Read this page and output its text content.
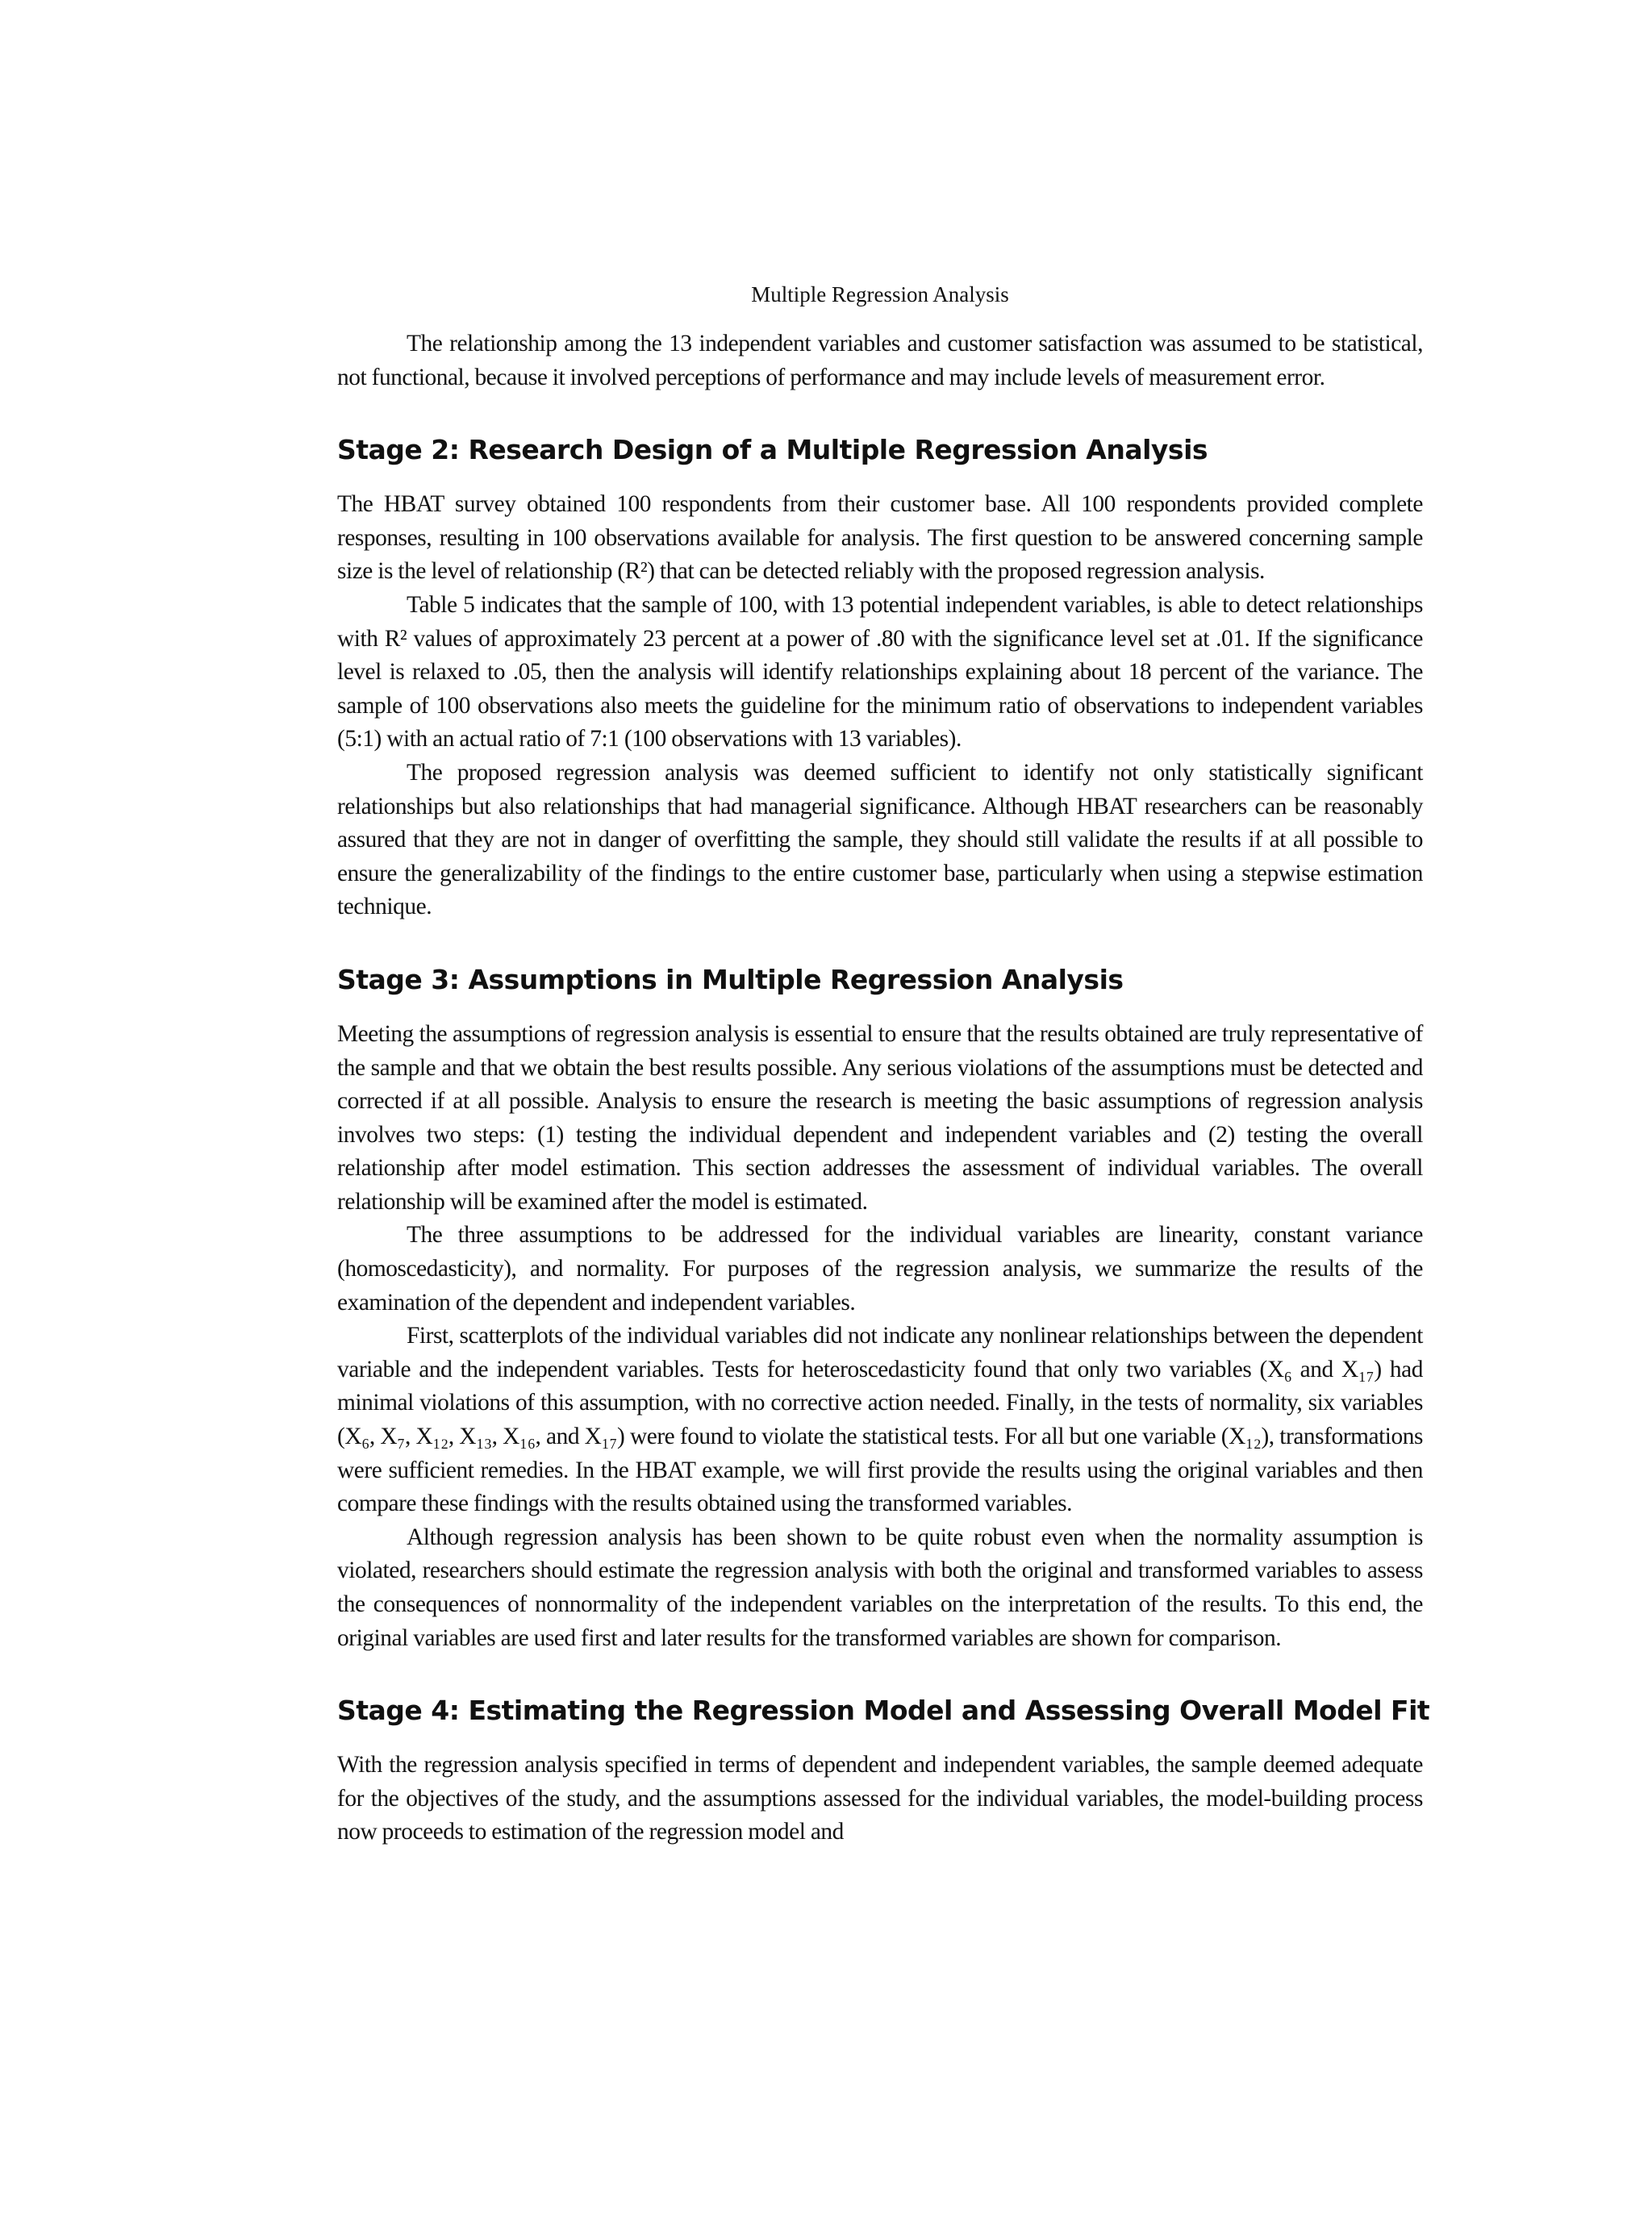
Multiple Regression Analysis

The relationship among the 13 independent variables and customer satisfaction was assumed to be statistical, not functional, because it involved perceptions of performance and may include levels of measurement error.

Stage 2: Research Design of a Multiple Regression Analysis

The HBAT survey obtained 100 respondents from their customer base. All 100 respondents provided complete responses, resulting in 100 observations available for analysis. The first question to be answered concerning sample size is the level of relationship (R²) that can be detected reliably with the proposed regression analysis.

Table 5 indicates that the sample of 100, with 13 potential independent variables, is able to detect relationships with R² values of approximately 23 percent at a power of .80 with the significance level set at .01. If the significance level is relaxed to .05, then the analysis will identify relationships explaining about 18 percent of the variance. The sample of 100 observations also meets the guideline for the minimum ratio of observations to independent variables (5:1) with an actual ratio of 7:1 (100 observations with 13 variables).

The proposed regression analysis was deemed sufficient to identify not only statistically significant relationships but also relationships that had managerial significance. Although HBAT researchers can be reasonably assured that they are not in danger of overfitting the sample, they should still validate the results if at all possible to ensure the generalizability of the findings to the entire customer base, particularly when using a stepwise estimation technique.

Stage 3: Assumptions in Multiple Regression Analysis

Meeting the assumptions of regression analysis is essential to ensure that the results obtained are truly representative of the sample and that we obtain the best results possible. Any serious violations of the assumptions must be detected and corrected if at all possible. Analysis to ensure the research is meeting the basic assumptions of regression analysis involves two steps: (1) testing the individual dependent and independent variables and (2) testing the overall relationship after model estimation. This section addresses the assessment of individual variables. The overall relationship will be examined after the model is estimated.

The three assumptions to be addressed for the individual variables are linearity, constant variance (homoscedasticity), and normality. For purposes of the regression analysis, we summarize the results of the examination of the dependent and independent variables.

First, scatterplots of the individual variables did not indicate any nonlinear relationships between the dependent variable and the independent variables. Tests for heteroscedasticity found that only two variables (X₆ and X₁₇) had minimal violations of this assumption, with no corrective action needed. Finally, in the tests of normality, six variables (X₆, X₇, X₁₂, X₁₃, X₁₆, and X₁₇) were found to violate the statistical tests. For all but one variable (X₁₂), transformations were sufficient remedies. In the HBAT example, we will first provide the results using the original variables and then compare these findings with the results obtained using the transformed variables.

Although regression analysis has been shown to be quite robust even when the normality assumption is violated, researchers should estimate the regression analysis with both the original and transformed variables to assess the consequences of nonnormality of the independent variables on the interpretation of the results. To this end, the original variables are used first and later results for the transformed variables are shown for comparison.

Stage 4: Estimating the Regression Model and Assessing Overall Model Fit

With the regression analysis specified in terms of dependent and independent variables, the sample deemed adequate for the objectives of the study, and the assumptions assessed for the individual variables, the model-building process now proceeds to estimation of the regression model and
